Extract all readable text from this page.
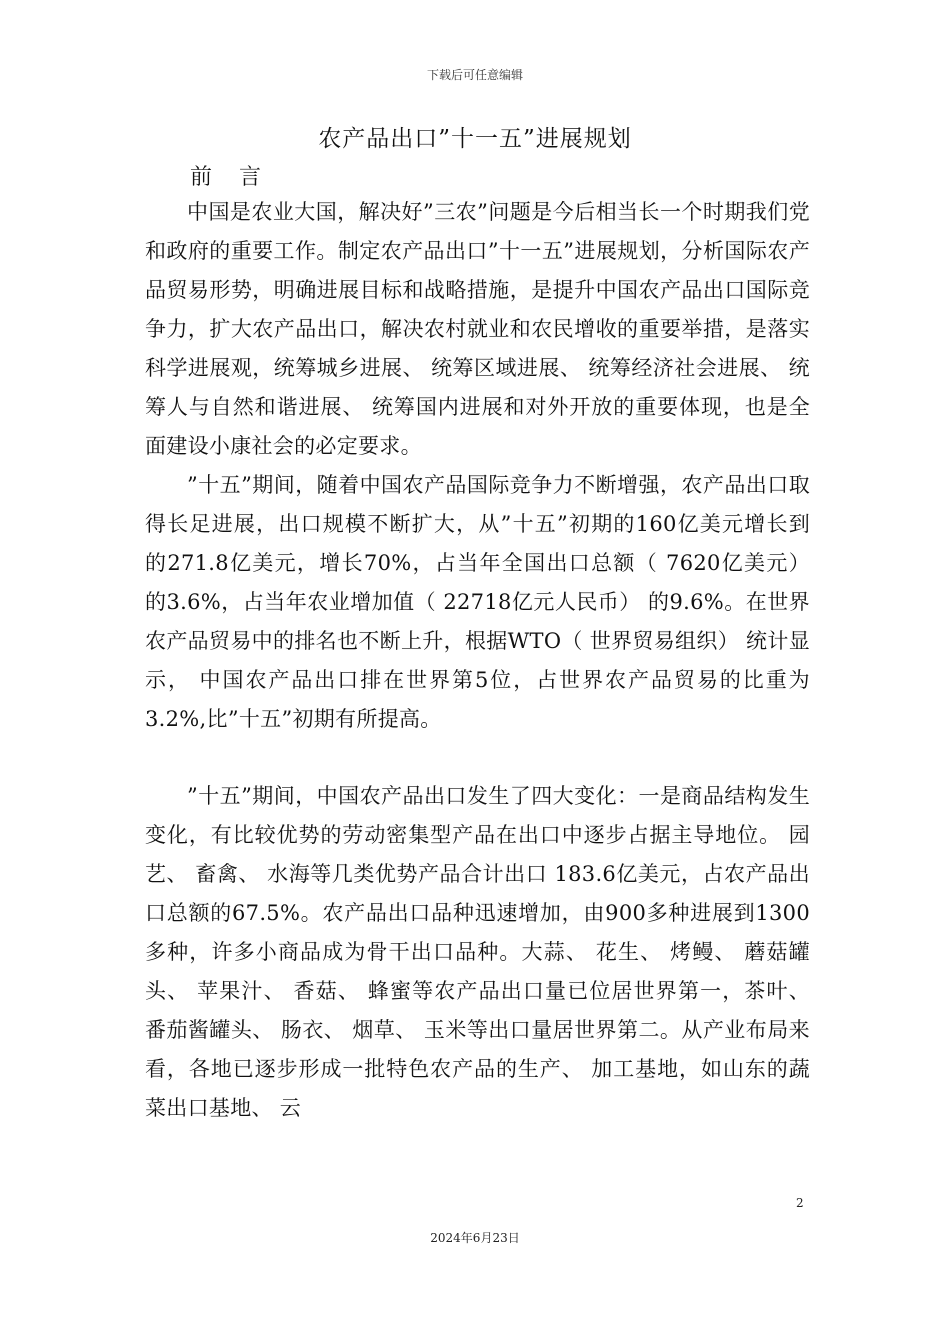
下载后可任意编辑
农产品出口”十一五”进展规划
前 言

中国是农业大国，解决好”三农”问题是今后相当长一个时期我们党和政府的重要工作。制定农产品出口”十一五”进展规划，分析国际农产品贸易形势，明确进展目标和战略措施，是提升中国农产品出口国际竞争力，扩大农产品出口，解决农村就业和农民增收的重要举措，是落实科学进展观，统筹城乡进展、 统筹区域进展、 统筹经济社会进展、 统筹人与自然和谐进展、 统筹国内进展和对外开放的重要体现，也是全面建设小康社会的必定要求。

”十五”期间，随着中国农产品国际竞争力不断增强，农产品出口取得长足进展，出口规模不断扩大，从”十五”初期的160亿美元增长到 的271.8亿美元，增长70%，占当年全国出口总额（ 7620亿美元） 的3.6%，占当年农业增加值（ 22718亿元人民币） 的9.6%。在世界农产品贸易中的排名也不断上升，根据WTO（ 世界贸易组织） 统计显示， 中国农产品出口排在世界第5位，占世界农产品贸易的比重为3.2%,比”十五”初期有所提高。

”十五”期间，中国农产品出口发生了四大变化：一是商品结构发生变化，有比较优势的劳动密集型产品在出口中逐步占据主导地位。 园艺、 畜禽、 水海等几类优势产品合计出口 183.6亿美元，占农产品出口总额的67.5%。农产品出口品种迅速增加，由900多种进展到1300多种，许多小商品成为骨干出口品种。大蒜、 花生、 烤鳗、 蘑菇罐头、 苹果汁、 香菇、 蜂蜜等农产品出口量已位居世界第一，茶叶、 番茄酱罐头、 肠衣、 烟草、 玉米等出口量居世界第二。从产业布局来看，各地已逐步形成一批特色农产品的生产、 加工基地，如山东的蔬菜出口基地、 云

2
2024年6月23日
